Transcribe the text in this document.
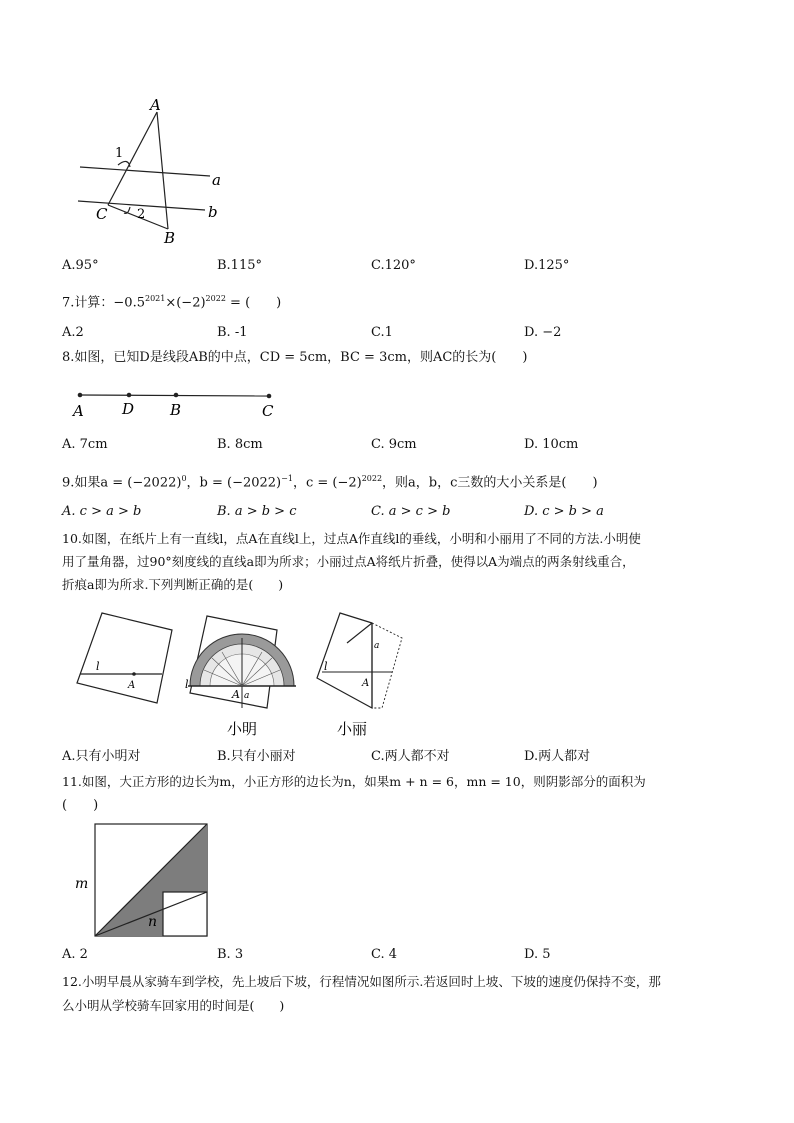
A
1
a
b
C 2
B
A.95°	B.115°	C.120°	D.125°
7.计算：$-0.5^{2021}\times(-2)^{2022}$ = (　　)
A.2	B. -1	C.1	D. −2
8.如图，已知D是线段AB的中点，CD = 5cm，BC = 3cm，则AC的长为(　　)
A	D B	C
A. 7cm	B. 8cm	C. 9cm	D. 10cm
9.如果$a = (-2022)^0$，$b = (-2022)^{-1}$，$c = (-2)^{2022}$，则a，b，c三数的大小关系是(　　)
A. c > a > b	B. a > b > c	C. a > c > b	D. c > b > a
10.如图，在纸片上有一直线l，点A在直线l上，过点A作直线l的垂线，小明和小丽用了不同的方法.小明使
用了量角器，过90°刻度线的直线a即为所求；小丽过点A将纸片折叠，使得以A为端点的两条射线重合，
折痕a即为所求.下列判断正确的是(　　)
l
A	l
A a
l
A
a
小明	小丽
A.只有小明对	B.只有小丽对	C.两人都不对	D.两人都对
11.如图，大正方形的边长为m，小正方形的边长为n，如果m + n = 6，mn = 10，则阴影部分的面积为
(　　)
m
n
A. 2	B. 3	C. 4	D. 5
12.小明早晨从家骑车到学校，先上坡后下坡，行程情况如图所示.若返回时上坡、下坡的速度仍保持不变，那
么小明从学校骑车回家用的时间是(　　)
